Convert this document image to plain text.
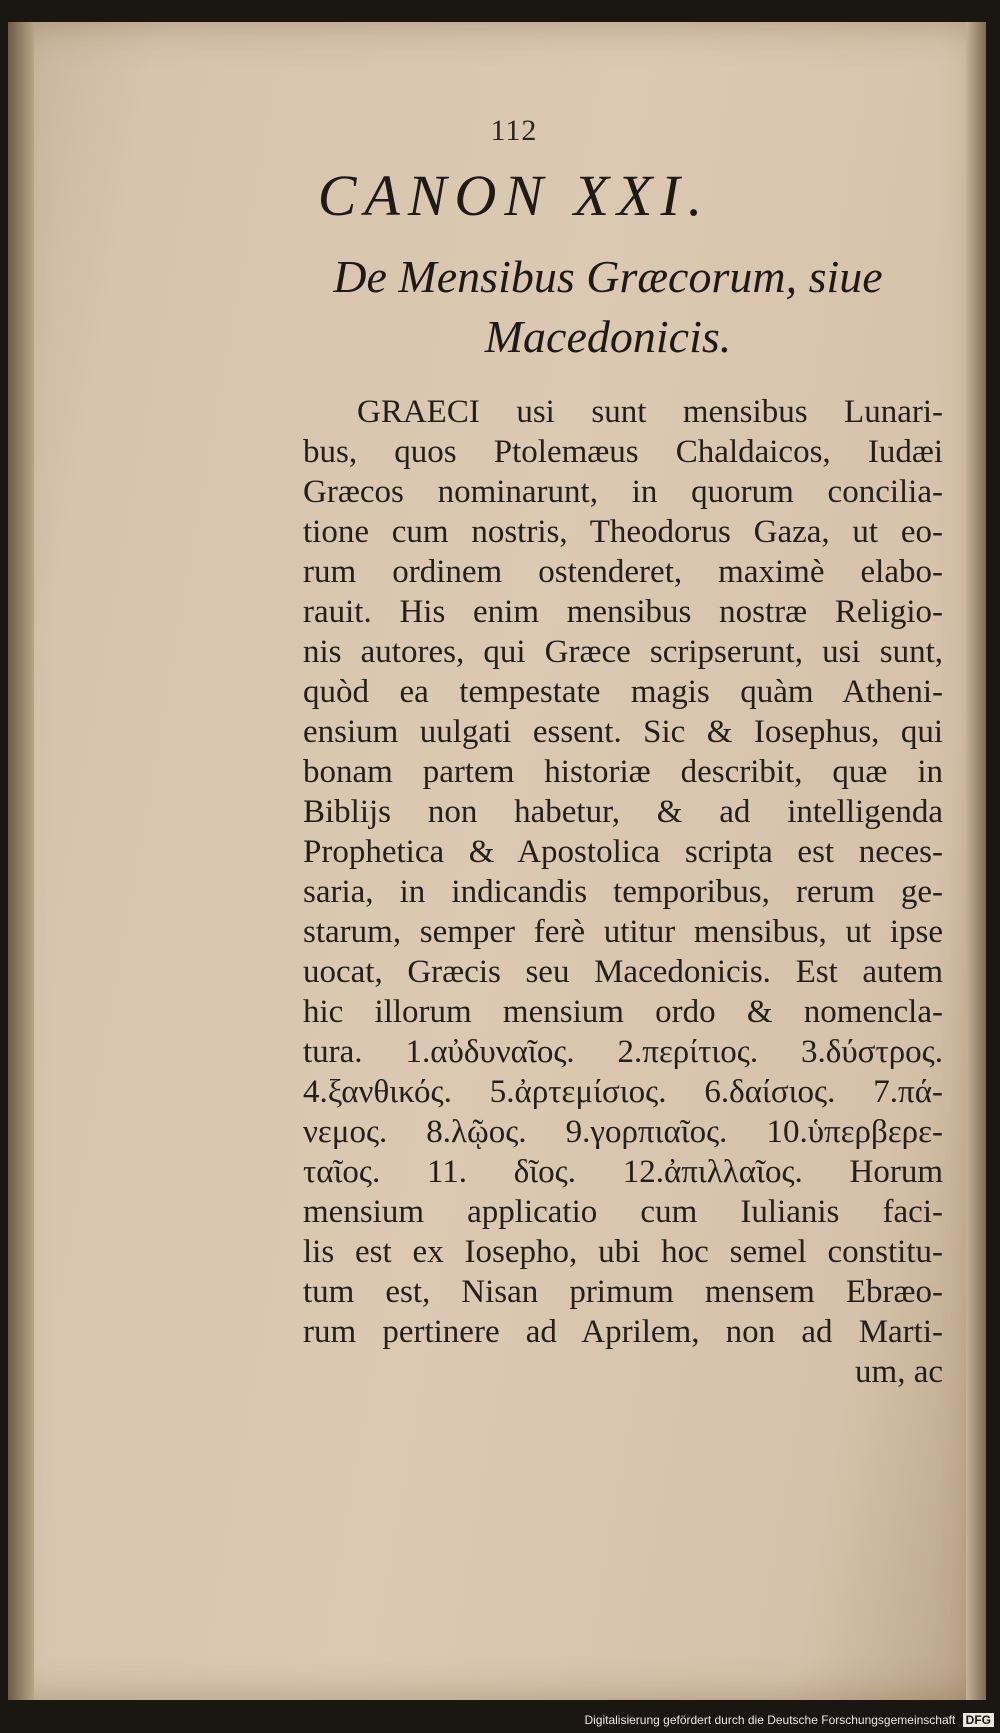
112
CANON XXI.
De Mensibus Græcorum, siue Macedonicis.
GRAECI usi sunt mensibus Lunari-
bus, quos Ptolemæus Chaldaicos, Iudæi
Græcos nominarunt, in quorum concilia-
tione cum nostris, Theodorus Gaza, ut eo-
rum ordinem ostenderet, maximè elabo-
rauit. His enim mensibus nostræ Religio-
nis autores, qui Græce scripserunt, usi sunt,
quòd ea tempestate magis quàm Atheni-
ensium uulgati essent. Sic & Iosephus, qui
bonam partem historiæ describit, quæ in
Biblijs non habetur, & ad intelligenda
Prophetica & Apostolica scripta est neces-
saria, in indicandis temporibus, rerum ge-
starum, semper ferè utitur mensibus, ut ipse
uocat, Græcis seu Macedonicis. Est autem
hic illorum mensium ordo & nomencla-
tura. 1.αὐδυναῖος. 2.περίτιος. 3.δύστρος.
4.ξανθικός. 5.ἀρτεμίσιος. 6.δαίσιος. 7.πά-
νεμος. 8.λῷος. 9.γορπιαῖος. 10.ὑπερβερε-
ταῖος. 11. δῖος. 12.ἀπιλλαῖος. Horum
mensium applicatio cum Iulianis faci-
lis est ex Iosepho, ubi hoc semel constitu-
tum est, Nisan primum mensem Ebræo-
rum pertinere ad Aprilem, non ad Marti-
um, ac
Digitalisierung gefördert durch die Deutsche Forschungsgemeinschaft DFG
